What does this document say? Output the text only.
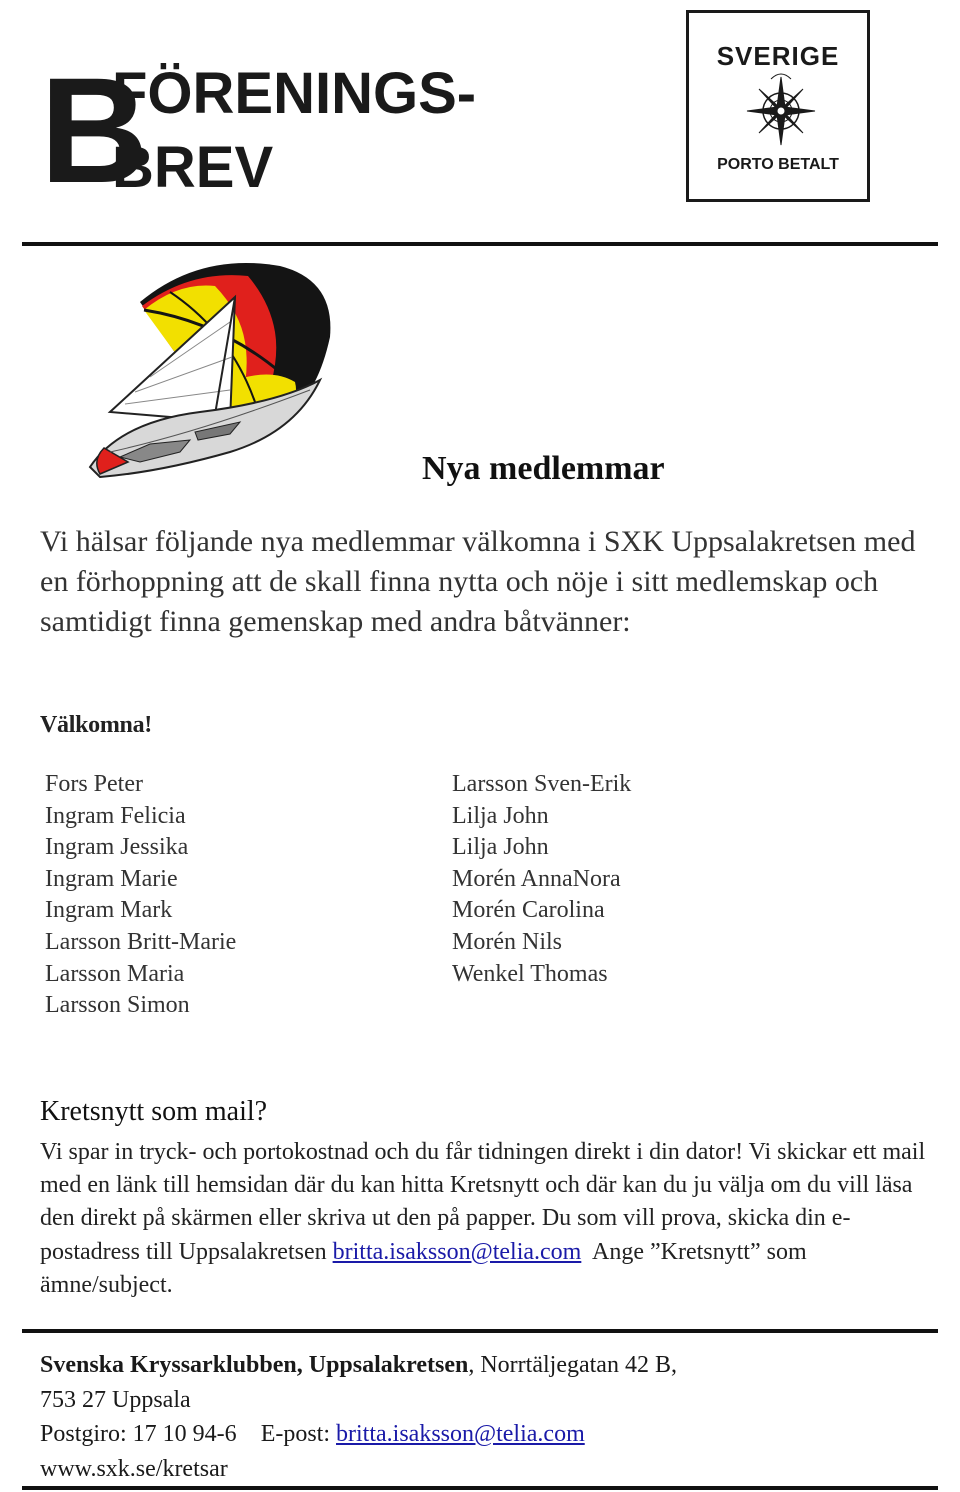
B
FÖRENINGS-
BREV
SVERIGE
PORTO BETALT
Nya medlemmar

Vi hälsar följande nya medlemmar välkomna i SXK Uppsalakretsen med en förhoppning att de skall finna nytta och nöje i sitt medlemskap och samtidigt finna gemenskap med andra båtvänner:

Välkomna!
Fors Peter
Ingram Felicia
Ingram Jessika
Ingram Marie
Ingram Mark
Larsson Britt-Marie
Larsson Maria
Larsson Simon
Larsson Sven-Erik
Lilja John
Lilja John
Morén AnnaNora
Morén Carolina
Morén Nils
Wenkel Thomas
Kretsnytt som mail?

Vi spar in tryck- och portokostnad och du får tidningen direkt i din dator! Vi skickar ett mail med en länk till hemsidan där du kan hitta Kretsnytt och där kan du ju välja om du vill läsa den direkt på skärmen eller skriva ut den på papper. Du som vill prova, skicka din e-postadress till Uppsalakretsen britta.isaksson@telia.com Ange ”Kretsnytt” som ämne/subject.

Svenska Kryssarklubben, Uppsalakretsen, Norrtäljegatan 42 B,
753 27 Uppsala
Postgiro: 17 10 94-6 E-post: britta.isaksson@telia.com
www.sxk.se/kretsar
